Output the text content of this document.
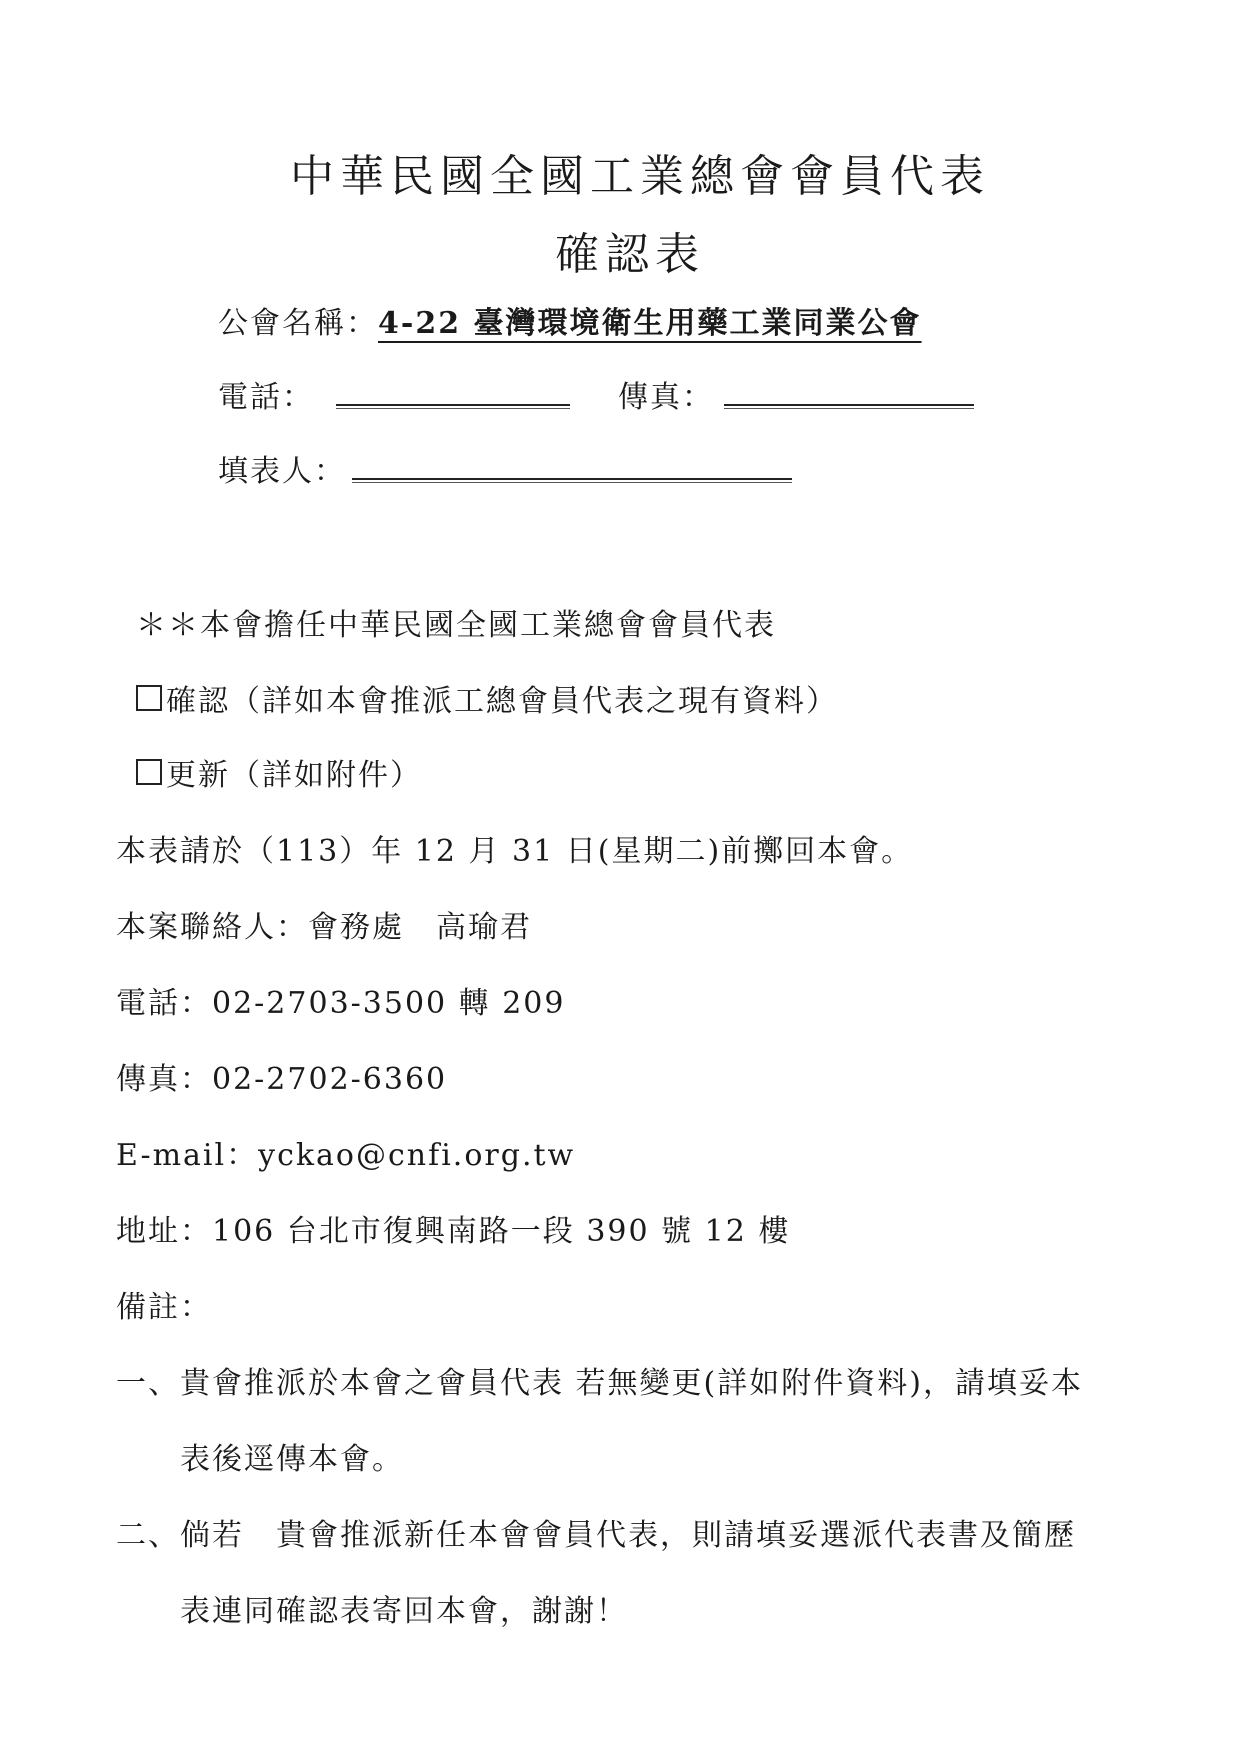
中華民國全國工業總會會員代表
確認表
公會名稱：4-22 臺灣環境衛生用藥工業同業公會
電話：	傳真：
填表人：
＊＊本會擔任中華民國全國工業總會會員代表
確認（詳如本會推派工總會員代表之現有資料）
更新（詳如附件）
本表請於（113）年 12 月 31 日(星期二)前擲回本會。
本案聯絡人：會務處　高瑜君
電話：02-2703-3500 轉 209
傳真：02-2702-6360
E-mail：yckao@cnfi.org.tw
地址：106 台北市復興南路一段 390 號 12 樓
備註：
一、貴會推派於本會之會員代表 若無變更(詳如附件資料)，請填妥本
表後逕傳本會。
二、倘若　貴會推派新任本會會員代表，則請填妥選派代表書及簡歷
表連同確認表寄回本會，謝謝！
